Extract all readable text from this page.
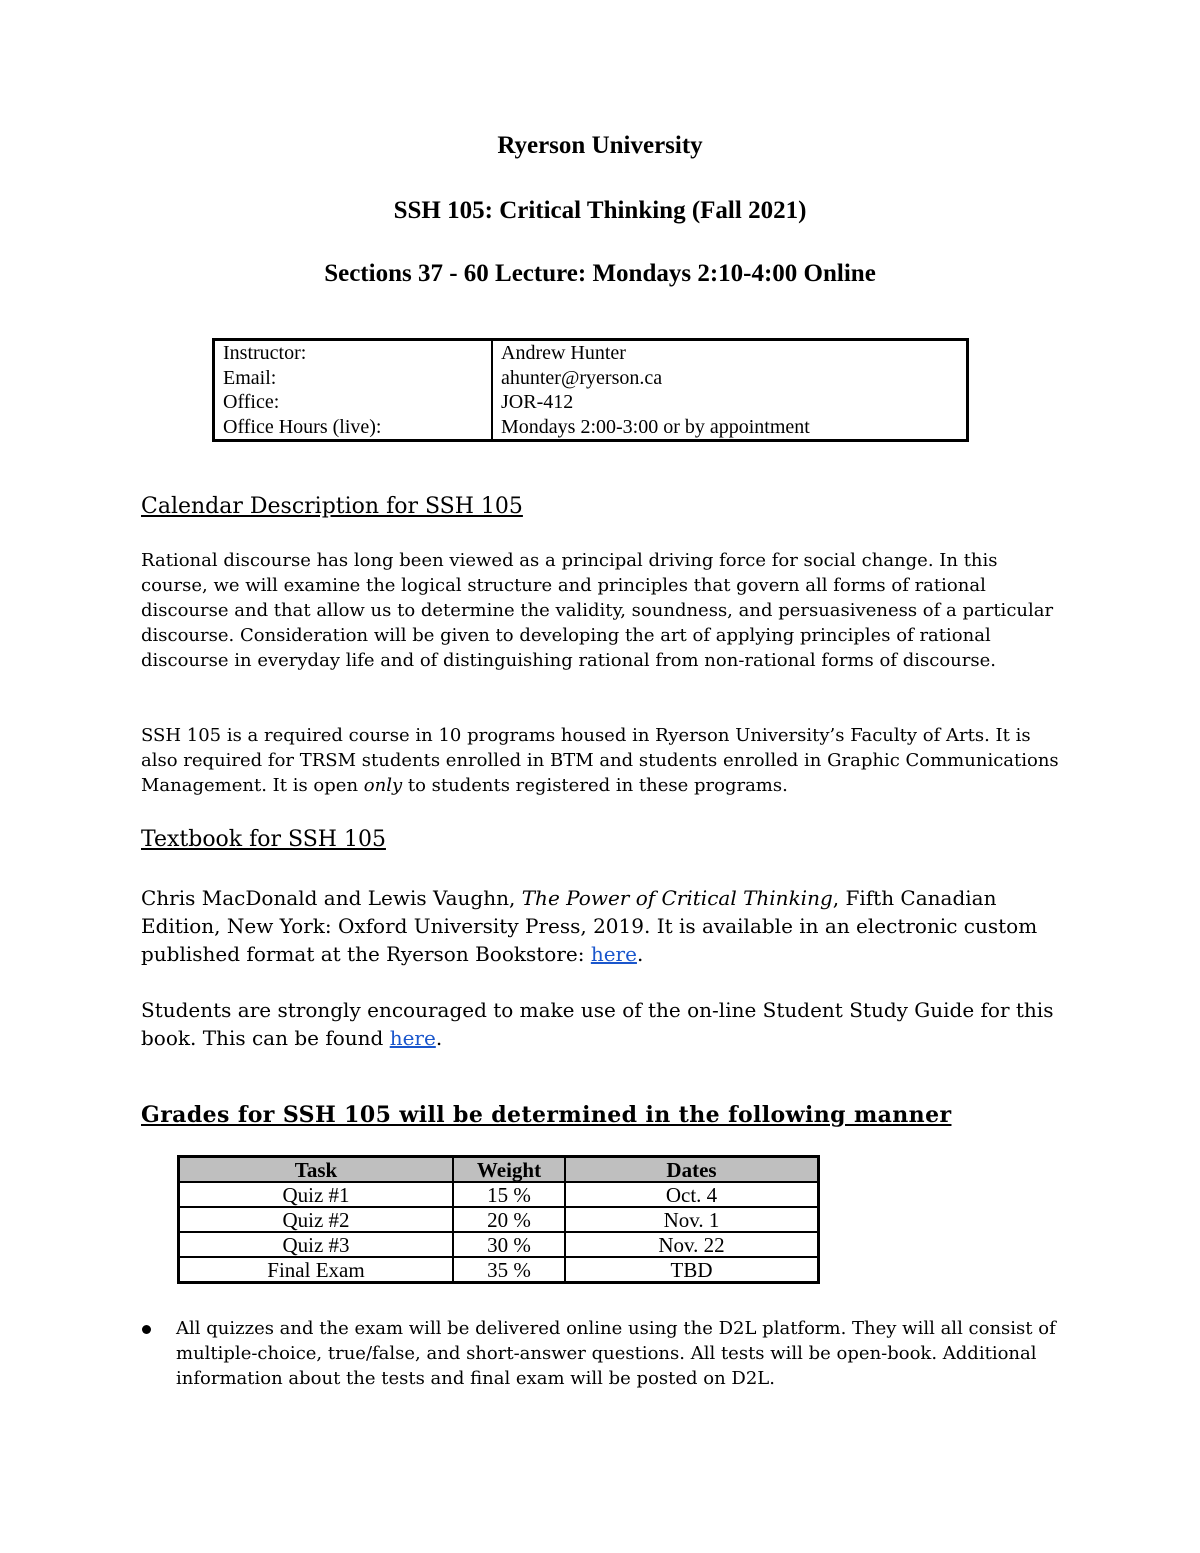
Ryerson University
SSH 105: Critical Thinking (Fall 2021)
Sections 37 - 60 Lecture: Mondays 2:10-4:00 Online
Instructor:	Andrew Hunter
Email:	ahunter@ryerson.ca
Office:	JOR-412
Office Hours (live):	Mondays 2:00-3:00 or by appointment
Calendar Description for SSH 105

Rational discourse has long been viewed as a principal driving force for social change. In this course, we will examine the logical structure and principles that govern all forms of rational discourse and that allow us to determine the validity, soundness, and persuasiveness of a particular discourse. Consideration will be given to developing the art of applying principles of rational discourse in everyday life and of distinguishing rational from non-rational forms of discourse.

SSH 105 is a required course in 10 programs housed in Ryerson University’s Faculty of Arts. It is also required for TRSM students enrolled in BTM and students enrolled in Graphic Communications Management. It is open only to students registered in these programs.

Textbook for SSH 105

Chris MacDonald and Lewis Vaughn, The Power of Critical Thinking, Fifth Canadian Edition, New York: Oxford University Press, 2019. It is available in an electronic custom published format at the Ryerson Bookstore: here.

Students are strongly encouraged to make use of the on-line Student Study Guide for this book. This can be found here.

Grades for SSH 105 will be determined in the following manner
Task	Weight	Dates
Quiz #1	15 %	Oct. 4
Quiz #2	20 %	Nov. 1
Quiz #3	30 %	Nov. 22
Final Exam	35 %	TBD

All quizzes and the exam will be delivered online using the D2L platform. They will all consist of multiple-choice, true/false, and short-answer questions. All tests will be open-book. Additional information about the tests and final exam will be posted on D2L.
